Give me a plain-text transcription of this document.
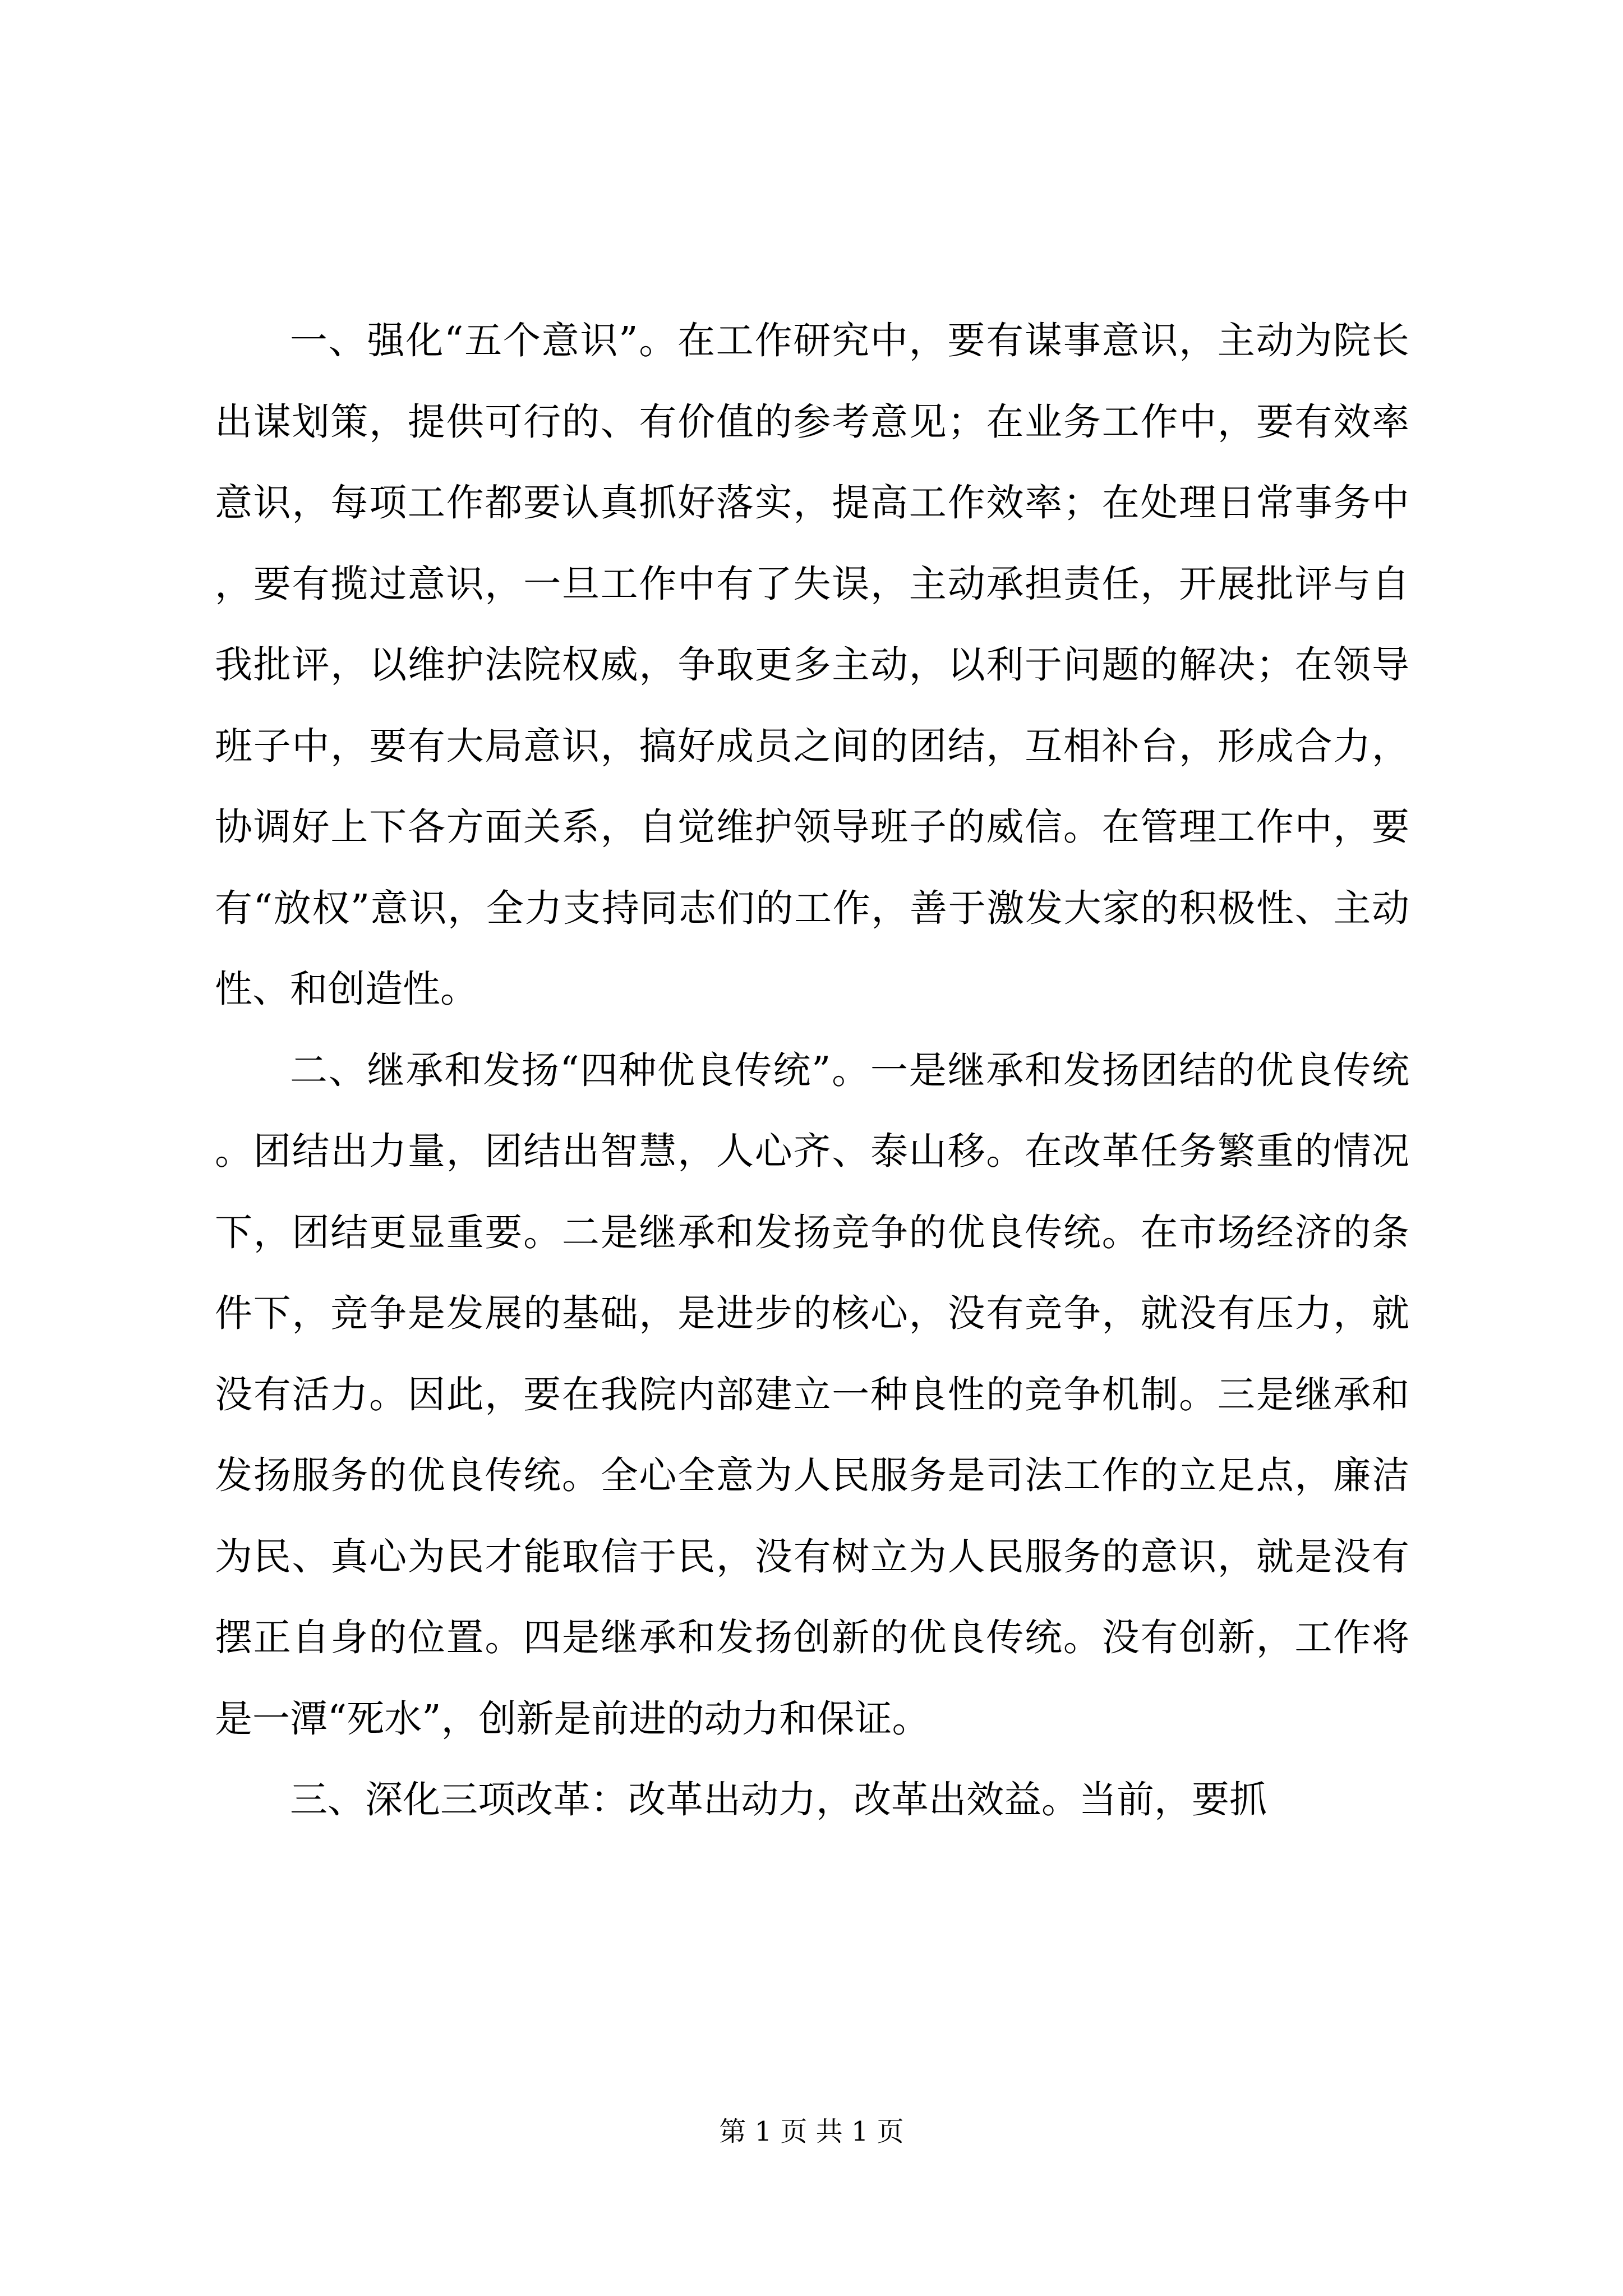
一、强化“五个意识”。在工作研究中，要有谋事意识，主动为院长出谋划策，提供可行的、有价值的参考意见；在业务工作中，要有效率意识，每项工作都要认真抓好落实，提高工作效率；在处理日常事务中，要有揽过意识，一旦工作中有了失误，主动承担责任，开展批评与自我批评，以维护法院权威，争取更多主动，以利于问题的解决；在领导班子中，要有大局意识，搞好成员之间的团结，互相补台，形成合力，协调好上下各方面关系，自觉维护领导班子的威信。在管理工作中，要有“放权”意识，全力支持同志们的工作，善于激发大家的积极性、主动性、和创造性。

二、继承和发扬“四种优良传统”。一是继承和发扬团结的优良传统。团结出力量，团结出智慧，人心齐、泰山移。在改革任务繁重的情况下，团结更显重要。二是继承和发扬竞争的优良传统。在市场经济的条件下，竞争是发展的基础，是进步的核心，没有竞争，就没有压力，就没有活力。因此，要在我院内部建立一种良性的竞争机制。三是继承和发扬服务的优良传统。全心全意为人民服务是司法工作的立足点，廉洁为民、真心为民才能取信于民，没有树立为人民服务的意识，就是没有摆正自身的位置。四是继承和发扬创新的优良传统。没有创新，工作将是一潭“死水”，创新是前进的动力和保证。

三、深化三项改革：改革出动力，改革出效益。当前，要抓

第 1 页 共 1 页
